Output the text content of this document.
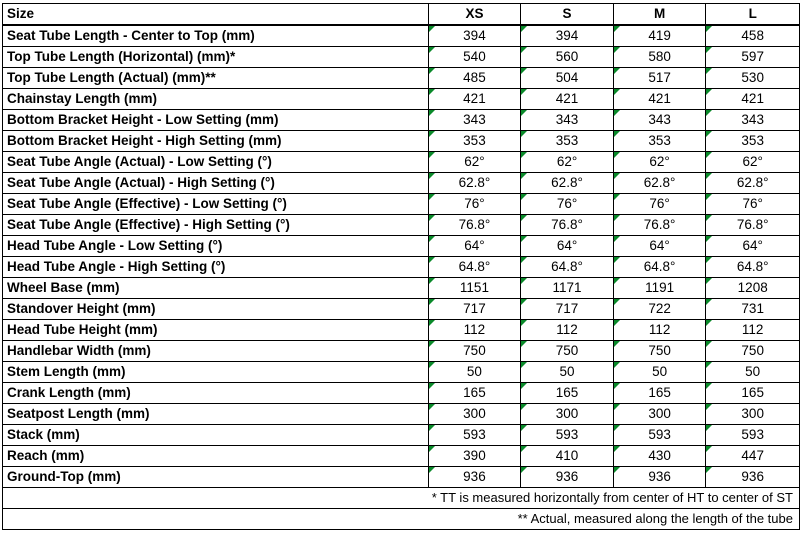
Size	XS	S	M	L
Seat Tube Length - Center to Top (mm)	394	394	419	458
Top Tube Length (Horizontal) (mm)*	540	560	580	597
Top Tube Length (Actual) (mm)**	485	504	517	530
Chainstay Length (mm)	421	421	421	421
Bottom Bracket Height - Low Setting (mm)	343	343	343	343
Bottom Bracket Height - High Setting (mm)	353	353	353	353
Seat Tube Angle (Actual) - Low Setting (°)	62°	62°	62°	62°
Seat Tube Angle (Actual) - High Setting (°)	62.8°	62.8°	62.8°	62.8°
Seat Tube Angle (Effective) - Low Setting (°)	76°	76°	76°	76°
Seat Tube Angle (Effective) - High Setting (°)	76.8°	76.8°	76.8°	76.8°
Head Tube Angle - Low Setting (°)	64°	64°	64°	64°
Head Tube Angle - High Setting (°)	64.8°	64.8°	64.8°	64.8°
Wheel Base (mm)	1151	1171	1191	1208
Standover Height (mm)	717	717	722	731
Head Tube Height (mm)	112	112	112	112
Handlebar Width (mm)	750	750	750	750
Stem Length (mm)	50	50	50	50
Crank Length (mm)	165	165	165	165
Seatpost Length (mm)	300	300	300	300
Stack (mm)	593	593	593	593
Reach (mm)	390	410	430	447
Ground-Top (mm)	936	936	936	936
* TT is measured horizontally from center of HT to center of ST				
** Actual, measured along the length of the tube				
